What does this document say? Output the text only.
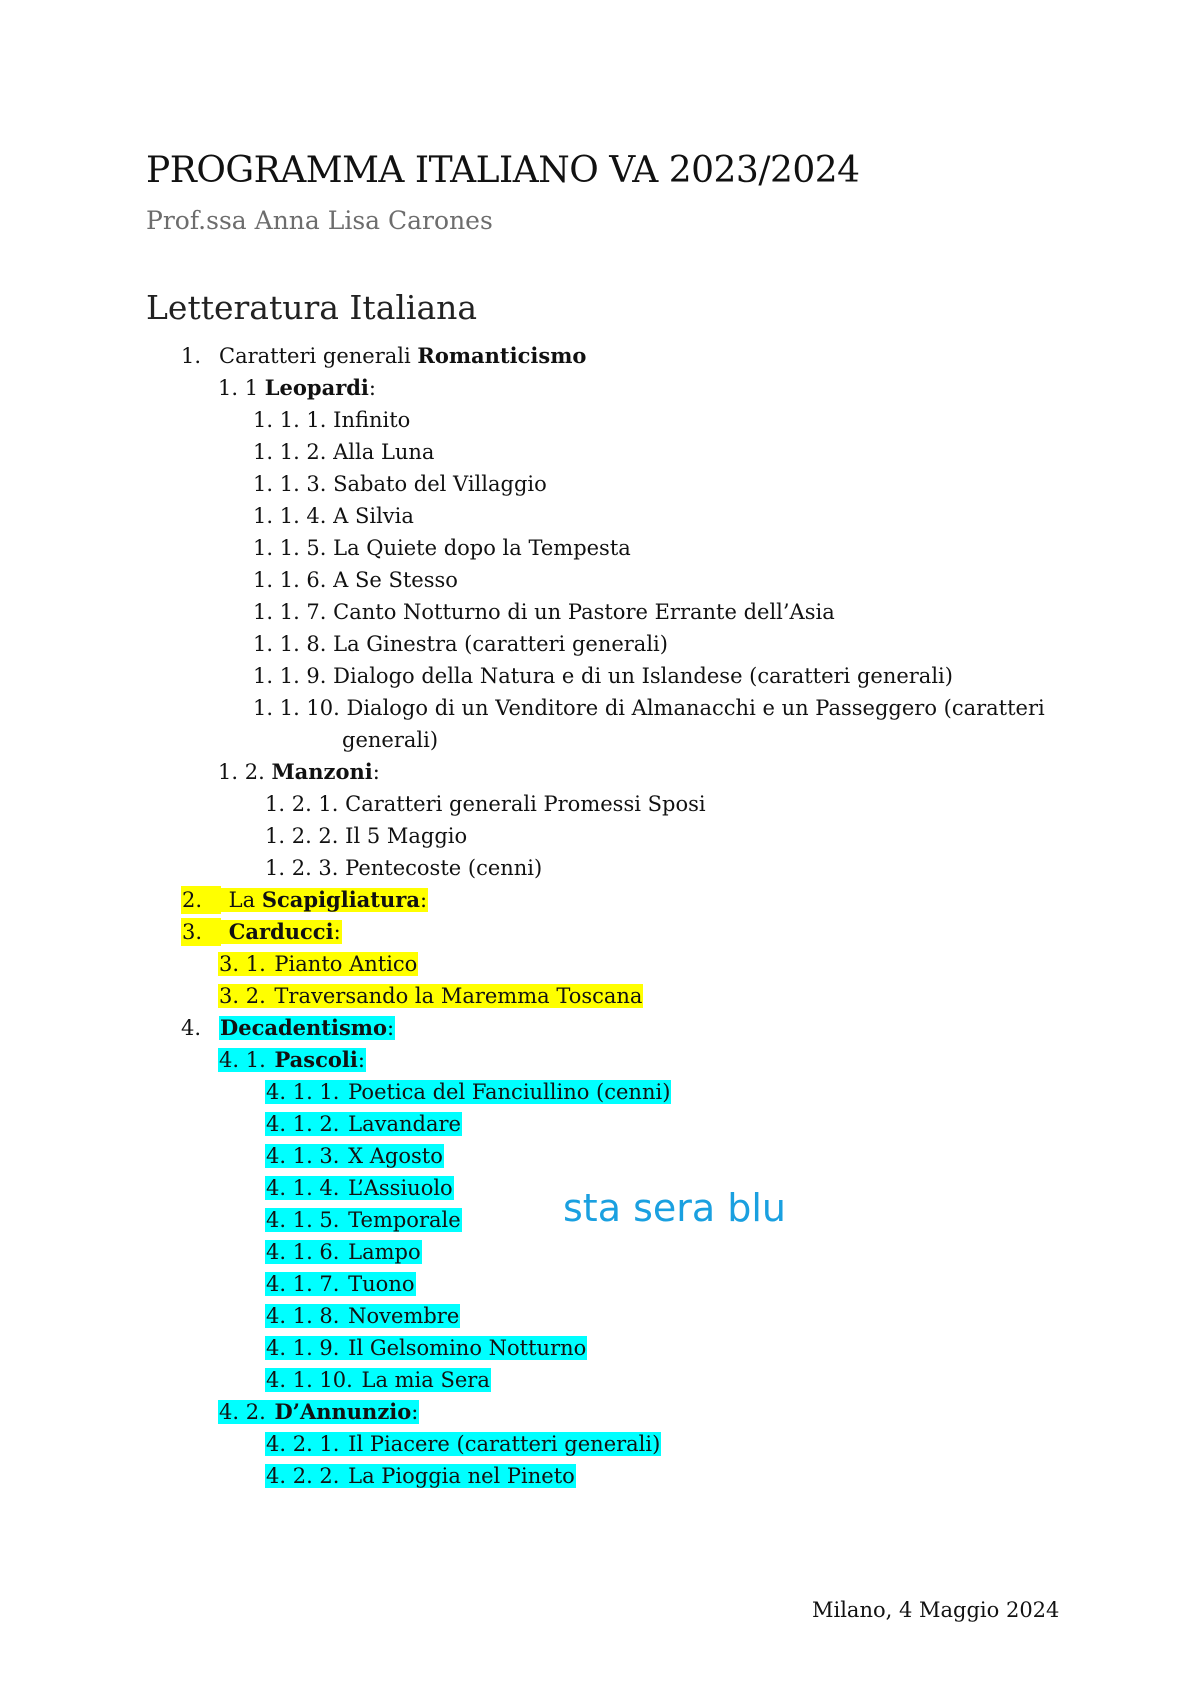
PROGRAMMA ITALIANO VA 2023/2024
Prof.ssa Anna Lisa Carones
Letteratura Italiana
1. Caratteri generali Romanticismo
1. 1 Leopardi:
1. 1. 1. Infinito
1. 1. 2. Alla Luna
1. 1. 3. Sabato del Villaggio
1. 1. 4. A Silvia
1. 1. 5. La Quiete dopo la Tempesta
1. 1. 6. A Se Stesso
1. 1. 7. Canto Notturno di un Pastore Errante dell’Asia
1. 1. 8. La Ginestra (caratteri generali)
1. 1. 9. Dialogo della Natura e di un Islandese (caratteri generali)
1. 1. 10. Dialogo di un Venditore di Almanacchi e un Passeggero (caratteri
generali)
1. 2. Manzoni:
1. 2. 1. Caratteri generali Promessi Sposi
1. 2. 2. Il 5 Maggio
1. 2. 3. Pentecoste (cenni)
2. La Scapigliatura:
3. Carducci:
3. 1. Pianto Antico
3. 2. Traversando la Maremma Toscana
4. Decadentismo:
4. 1. Pascoli:
4. 1. 1. Poetica del Fanciullino (cenni)
4. 1. 2. Lavandare
4. 1. 3. X Agosto
4. 1. 4. L’Assiuolo
4. 1. 5. Temporale
4. 1. 6. Lampo
4. 1. 7. Tuono
4. 1. 8. Novembre
4. 1. 9. Il Gelsomino Notturno
4. 1. 10. La mia Sera
4. 2. D’Annunzio:
4. 2. 1. Il Piacere (caratteri generali)
4. 2. 2. La Pioggia nel Pineto
sta sera blu
Milano, 4 Maggio 2024
